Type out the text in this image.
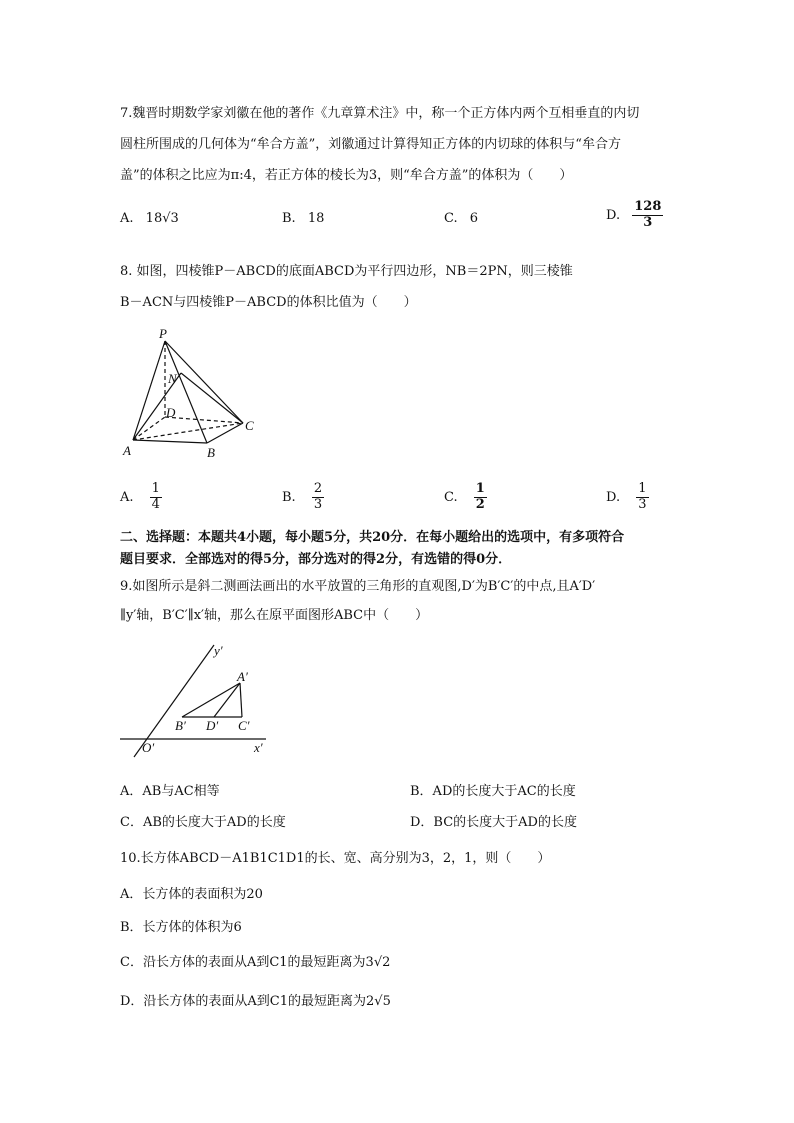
7.魏晋时期数学家刘徽在他的著作《九章算术注》中，称一个正方体内两个互相垂直的内切
圆柱所围成的几何体为“牟合方盖”，刘徽通过计算得知正方体的内切球的体积与“牟合方
盖”的体积之比应为π:4，若正方体的棱长为3，则“牟合方盖”的体积为（　　）
A. 18√3	B. 18	C. 6	D. $\frac{128}{3}$
8. 如图，四棱锥P－ABCD的底面ABCD为平行四边形，NB＝2PN，则三棱锥
B－ACN与四棱锥P－ABCD的体积比值为（　　）
P
N
D
C
A	B
A. $\frac{1}{4}$	B. $\frac{2}{3}$	C. $\frac{1}{2}$	D. $\frac{1}{3}$
二、选择题：本题共4小题，每小题5分，共20分．在每小题给出的选项中，有多项符合
题目要求．全部选对的得5分，部分选对的得2分，有选错的得0分．
9.如图所示是斜二测画法画出的水平放置的三角形的直观图,D′为B′C′的中点,且A′D′
∥y′轴，B′C′∥x′轴，那么在原平面图形ABC中（　　）
y′
x′
O′
A′
B′ D′ C′
A．AB与AC相等	B．AD的长度大于AC的长度
C．AB的长度大于AD的长度	D．BC的长度大于AD的长度
10.长方体ABCD－A1B1C1D1的长、宽、高分别为3，2，1，则（　　）
A．长方体的表面积为20
B．长方体的体积为6
C．沿长方体的表面从A到C1的最短距离为3√2
D．沿长方体的表面从A到C1的最短距离为2√5
